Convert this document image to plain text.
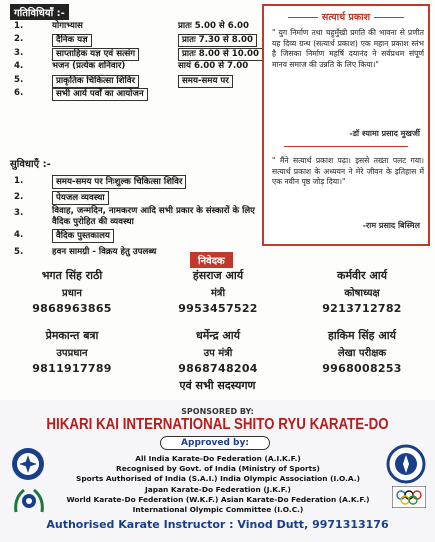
गतिविधियाँ :-
1.	योगाभ्यास	प्रातः 5.00 से 6.00
2.	दैनिक यज्ञ	प्रातः 7.30 से 8.00
3.	साप्ताहिक यज्ञ एवं सत्संग	प्रातः 8.00 से 10.00
4.	भजन (प्रत्येक शनिवार)	सायं 6.00 से 7.00
5.	प्राकृतिक चिकित्सा शिविर	समय-समय पर
6.	सभी आर्य पर्वों का आयोजन
सुविधाएँ :-
1.	समय-समय पर निःशुल्क चिकित्सा शिविर
2.	पेयजल व्यवस्था
3.	विवाह, जन्मदिन, नामकरण आदि सभी प्रकार के संस्कारों के लिए वैदिक पुरोहित की व्यवस्था
4.	वैदिक पुस्तकालय
5.	हवन सामग्री - विक्रय हेतु उपलब्ध
सत्यार्थ प्रकाश
" युग निर्माण तथा चहुमुँखी प्रगति की भावना से प्रणीत यह दिव्य ग्रन्थ (सत्यार्थ प्रकाश) एक महान प्रकाश स्तंभ है जिसका निर्माण महर्षि दयानंद ने सर्वप्रथम संपूर्ण मानव समाज की उन्नति के लिए किया।"
-डॉ श्यामा प्रसाद मुखर्जी
" मैंने सत्यार्थ प्रकाश पढ़ा। इससे तख्ता पलट गया। सत्यार्थ प्रकाश के अध्ययन ने मेरे जीवन के इतिहास में एक नवीन पृष्ठ जोड़ दिया।"
-राम प्रसाद बिस्मिल
निवेदक
भगत सिंह राठी
प्रधान
9868963865
हंसराज आर्य
मंत्री
9953457522
कर्मवीर आर्य
कोषाध्यक्ष
9213712782
प्रेमकान्त बत्रा
उपप्रधान
9811917789
धर्मेन्द्र आर्य
उप मंत्री
9868748204
हाकिम सिंह आर्य
लेखा परीक्षक
9968008253
एवं सभी सदस्यगण
SPONSORED BY:
HIKARI KAI INTERNATIONAL SHITO RYU KARATE-DO
Approved by:
All India Karate-Do Federation (A.I.K.F.)
Recognised by Govt. of India (Ministry of Sports)
Sports Authorised of India (S.A.I.) India Olympic Association (I.O.A.)
Japan Karate-Do Federation (J.K.F.)
World Karate-Do Federation (W.K.F.) Asian Karate-Do Federation (A.K.F.)
International Olympic Committee (I.O.C.)
Authorised Karate Instructor : Vinod Dutt, 9971313176
